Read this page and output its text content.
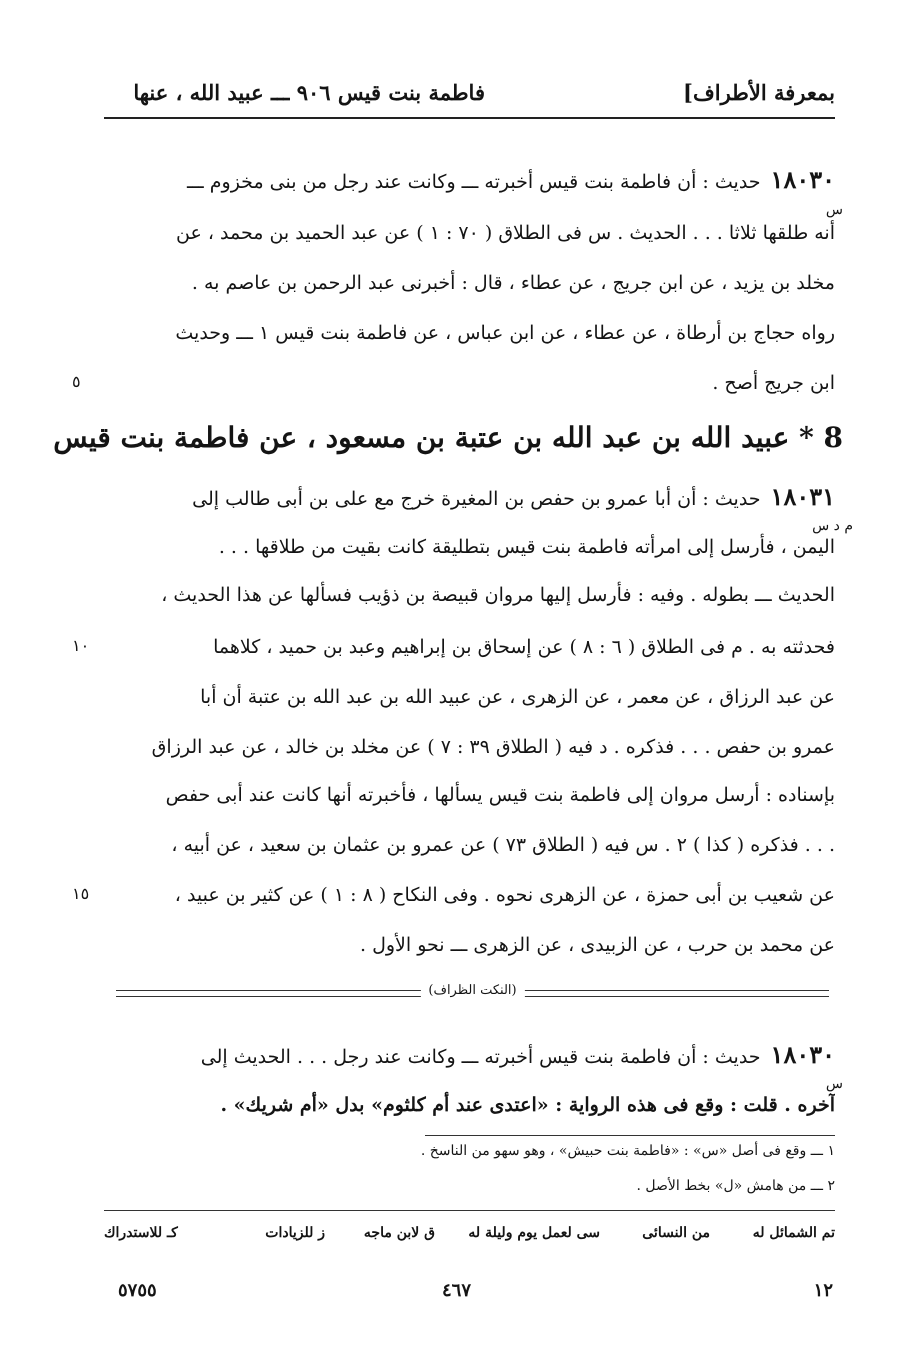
بمعرفة الأطراف]
فاطمة بنت قيس ٩٠٦ ـــ عبيد الله ، عنها
١٨٠٣٠حديث : أن فاطمة بنت قيس أخبرته ـــ وكانت عند رجل من بنى مخزوم ـــ
س
أنه طلقها ثلاثا . . . الحديث . س فى الطلاق ( ٧٠ : ١ ) عن عبد الحميد بن محمد ، عن
مخلد بن يزيد ، عن ابن جريج ، عن عطاء ، قال : أخبرنى عبد الرحمن بن عاصم به .
رواه حجاج بن أرطاة ، عن عطاء ، عن ابن عباس ، عن فاطمة بنت قيس ١ ـــ وحديث
ابن جريج أصح .
٥
8 * عبيد الله بن عبد الله بن عتبة بن مسعود ، عن فاطمة بنت قيس
١٨٠٣١حديث : أن أبا عمرو بن حفص بن المغيرة خرج مع على بن أبى طالب إلى
م د س
اليمن ، فأرسل إلى امرأته فاطمة بنت قيس بتطليقة كانت بقيت من طلاقها . . .
الحديث ـــ بطوله . وفيه : فأرسل إليها مروان قبيصة بن ذؤيب فسألها عن هذا الحديث ،
فحدثته به . م فى الطلاق ( ٦ : ٨ ) عن إسحاق بن إبراهيم وعبد بن حميد ، كلاهما
١٠
عن عبد الرزاق ، عن معمر ، عن الزهرى ، عن عبيد الله بن عبد الله بن عتبة أن أبا
عمرو بن حفص . . . فذكره . د فيه ( الطلاق ٣٩ : ٧ ) عن مخلد بن خالد ، عن عبد الرزاق
بإسناده : أرسل مروان إلى فاطمة بنت قيس يسألها ، فأخبرته أنها كانت عند أبى حفص
. . . فذكره ( كذا ) ٢ . س فيه ( الطلاق ٧٣ ) عن عمرو بن عثمان بن سعيد ، عن أبيه ،
عن شعيب بن أبى حمزة ، عن الزهرى نحوه . وفى النكاح ( ٨ : ١ ) عن كثير بن عبيد ،
١٥
عن محمد بن حرب ، عن الزبيدى ، عن الزهرى ـــ نحو الأول .
(النكت الظراف)
١٨٠٣٠حديث : أن فاطمة بنت قيس أخبرته ـــ وكانت عند رجل . . . الحديث إلى
س
آخره . قلت : وقع فى هذه الرواية : «اعتدى عند أم كلثوم» بدل «أم شريك» .
١ ـــ وقع فى أصل «س» : «فاطمة بنت حبيش» ، وهو سهو من الناسخ .
٢ ـــ من هامش «ل» بخط الأصل .
تم الشمائل له
من النسائى
سى لعمل يوم وليلة له
ق لابن ماجه
ز للزيادات
كـ للاستدراك
١٢
٤٦٧
٥٧٥٥
